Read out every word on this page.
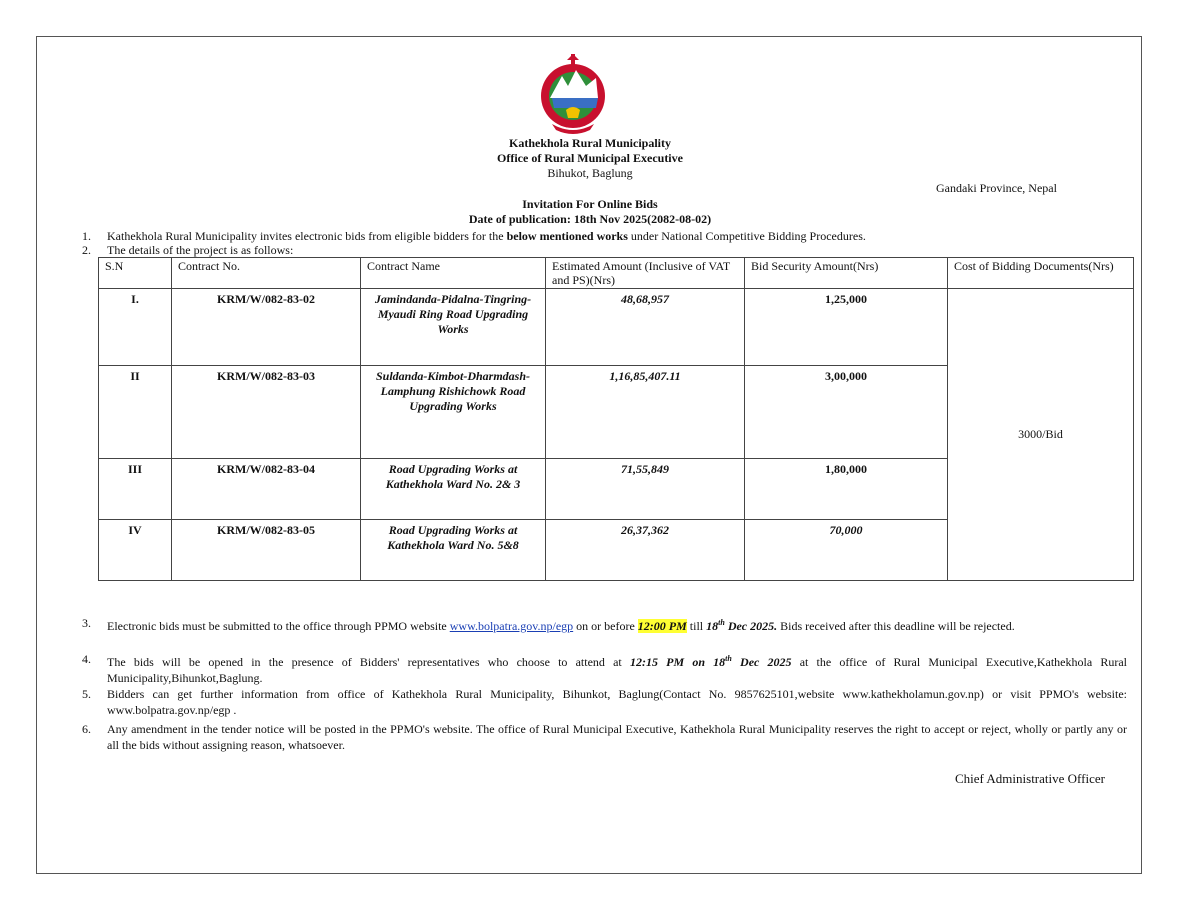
Kathekhola Rural Municipality
Office of Rural Municipal Executive
Bihukot, Baglung
Gandaki Province, Nepal
Invitation For Online Bids
Date of publication: 18th Nov 2025(2082-08-02)
1. Kathekhola Rural Municipality invites electronic bids from eligible bidders for the below mentioned works under National Competitive Bidding Procedures.
2. The details of the project is as follows:
S.N	Contract No.	Contract Name	Estimated Amount (Inclusive of VAT and PS)(Nrs)	Bid Security Amount(Nrs)	Cost of Bidding Documents(Nrs)
I.	KRM/W/082-83-02	Jamindanda-Pidalna-Tingring-Myaudi Ring Road Upgrading Works	48,68,957	1,25,000	3000/Bid
II	KRM/W/082-83-03	Suldanda-Kimbot-Dharmdash-Lamphung Rishichowk Road Upgrading Works	1,16,85,407.11	3,00,000	
III	KRM/W/082-83-04	Road Upgrading Works at Kathekhola Ward No. 2& 3	71,55,849	1,80,000	
IV	KRM/W/082-83-05	Road Upgrading Works at Kathekhola Ward No. 5&8	26,37,362	70,000	
3. Electronic bids must be submitted to the office through PPMO website www.bolpatra.gov.np/egp on or before 12:00 PM till 18th Dec 2025. Bids received after this deadline will be rejected.
4. The bids will be opened in the presence of Bidders' representatives who choose to attend at 12:15 PM on 18th Dec 2025 at the office of Rural Municipal Executive,Kathekhola Rural Municipality,Bihunkot,Baglung.
5. Bidders can get further information from office of Kathekhola Rural Municipality, Bihunkot, Baglung(Contact No. 9857625101,website www.kathekholamun.gov.np) or visit PPMO's website: www.bolpatra.gov.np/egp .
6. Any amendment in the tender notice will be posted in the PPMO's website. The office of Rural Municipal Executive, Kathekhola Rural Municipality reserves the right to accept or reject, wholly or partly any or all the bids without assigning reason, whatsoever.
Chief Administrative Officer
